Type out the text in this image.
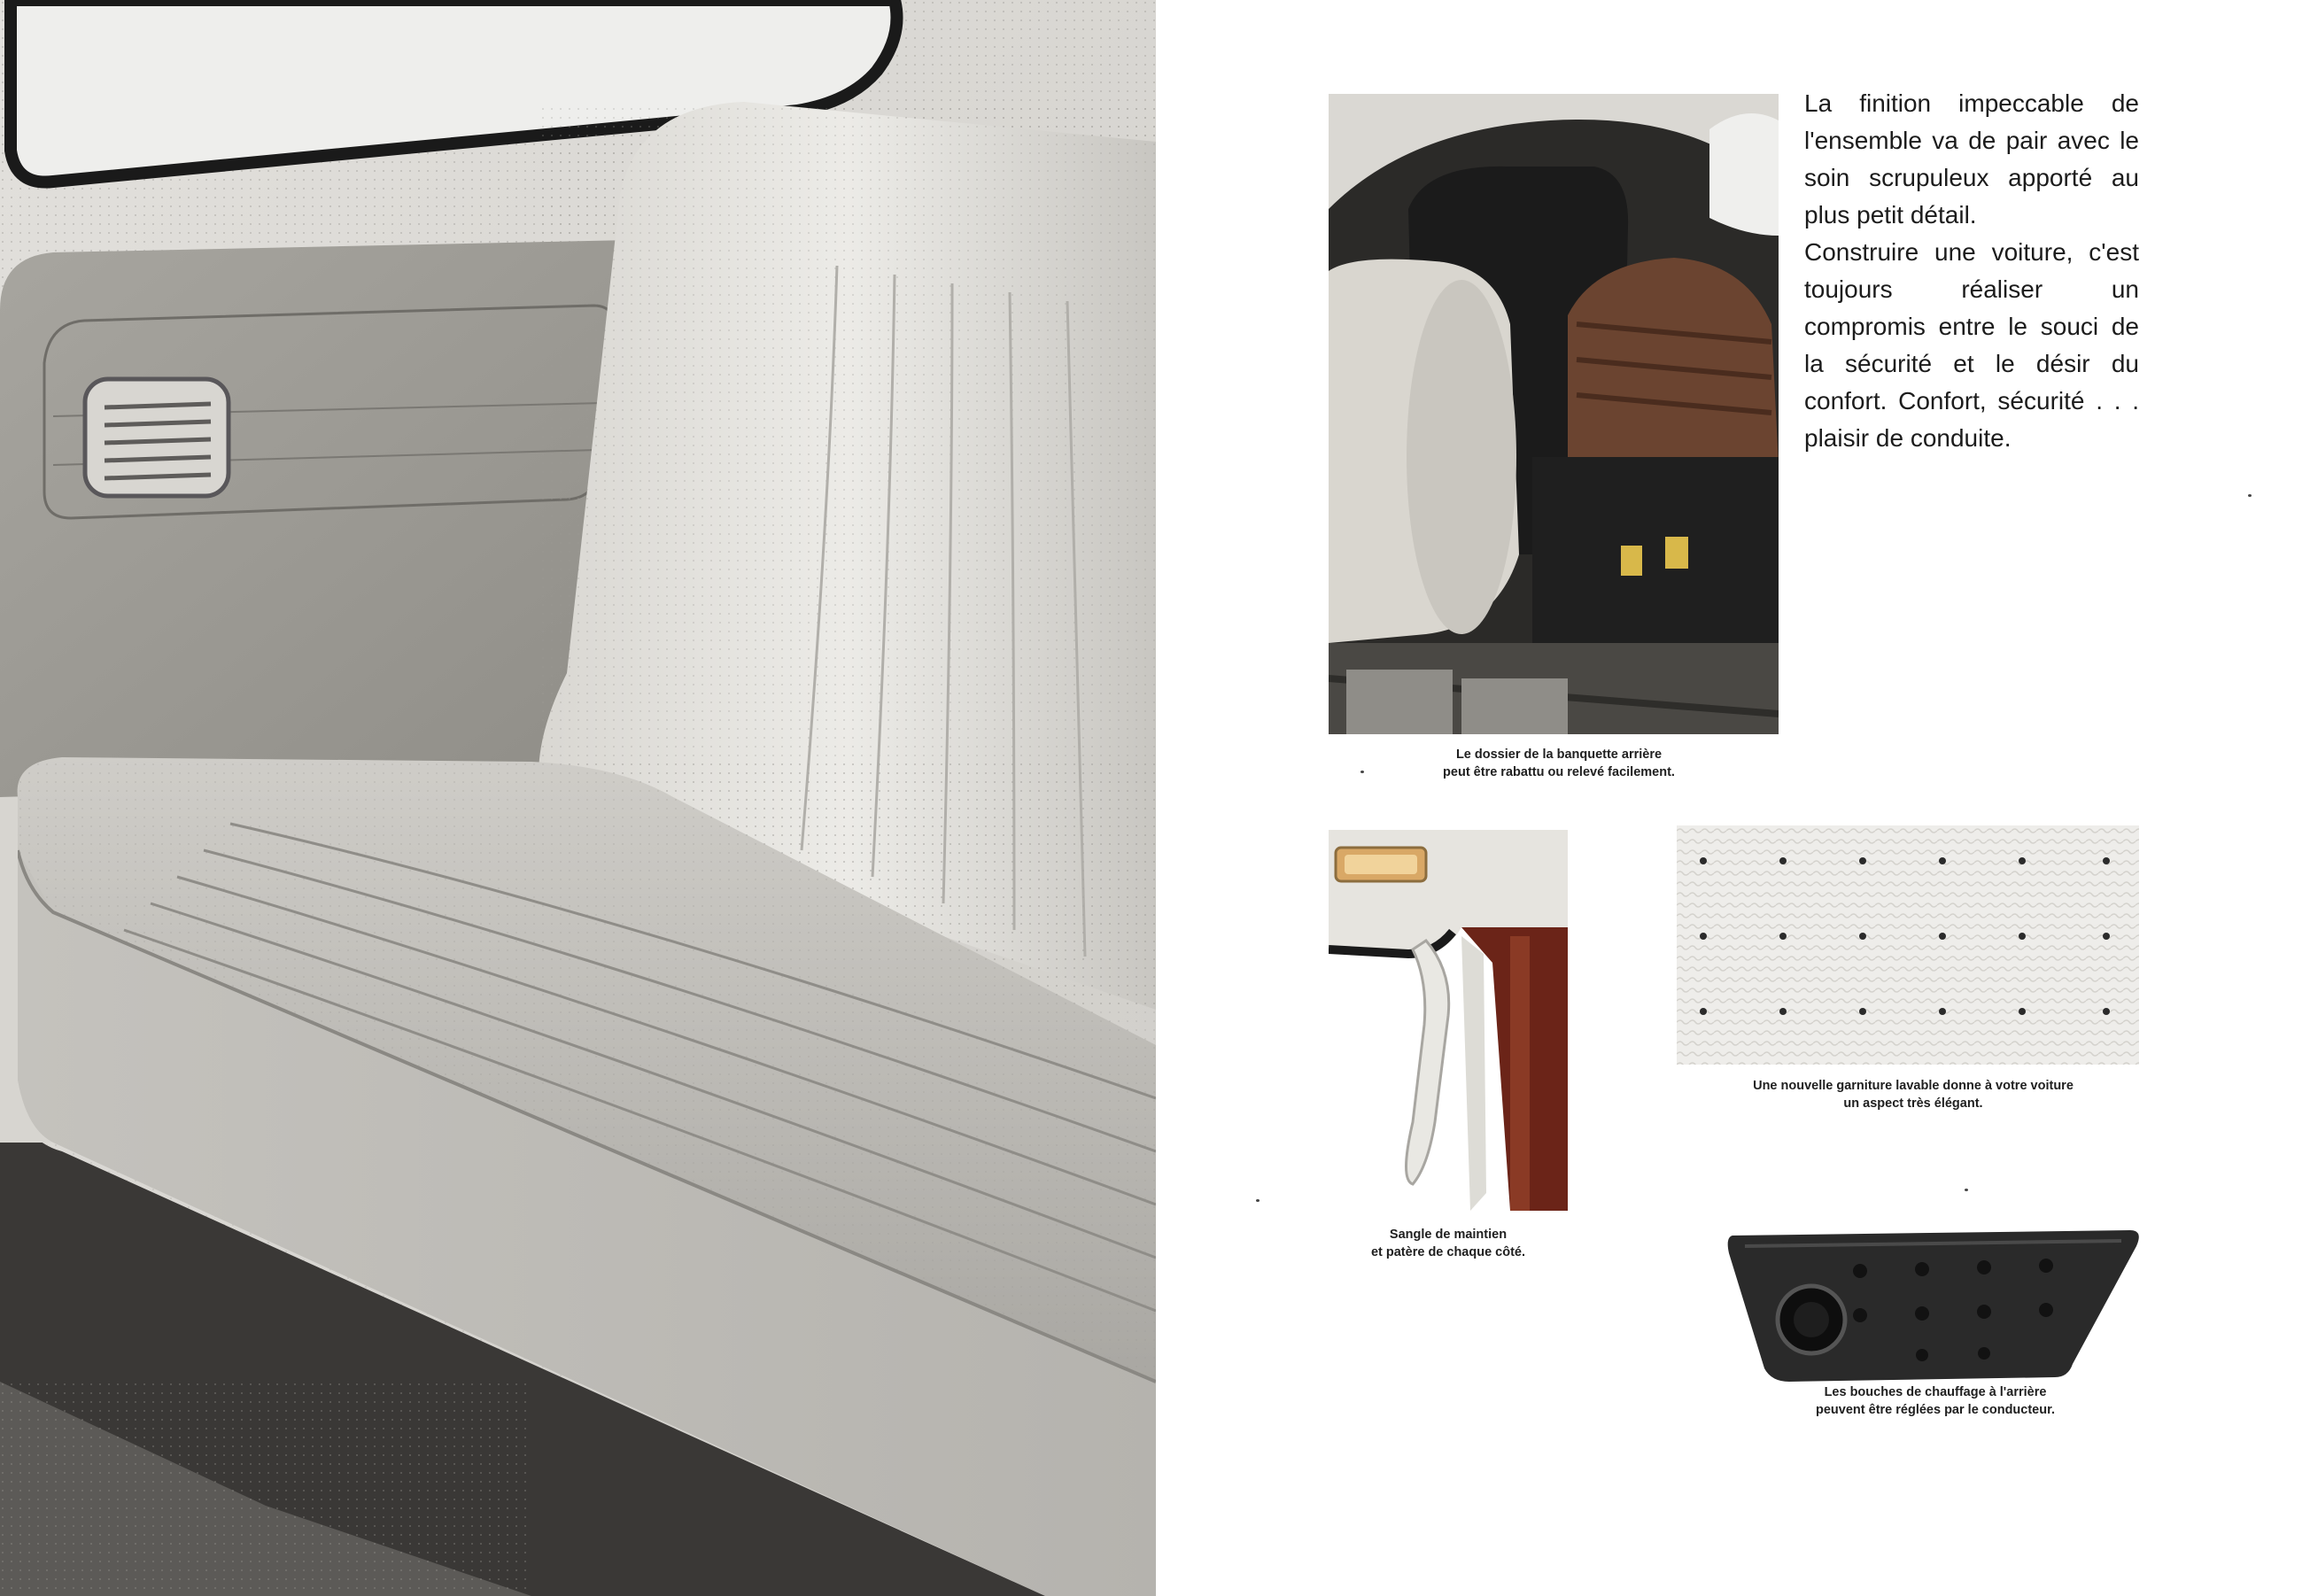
La finition impeccable de l'ensemble va de pair avec le soin scrupuleux apporté au plus petit détail.

Construire une voiture, c'est toujours réaliser un compromis entre le souci de la sécurité et le désir du confort. Confort, sécurité . . . plaisir de conduite.

Le dossier de la banquette arrière
peut être rabattu ou relevé facilement.

Sangle de maintien
et patère de chaque côté.

Une nouvelle garniture lavable donne à votre voiture
un aspect très élégant.

Les bouches de chauffage à l'arrière
peuvent être réglées par le conducteur.
